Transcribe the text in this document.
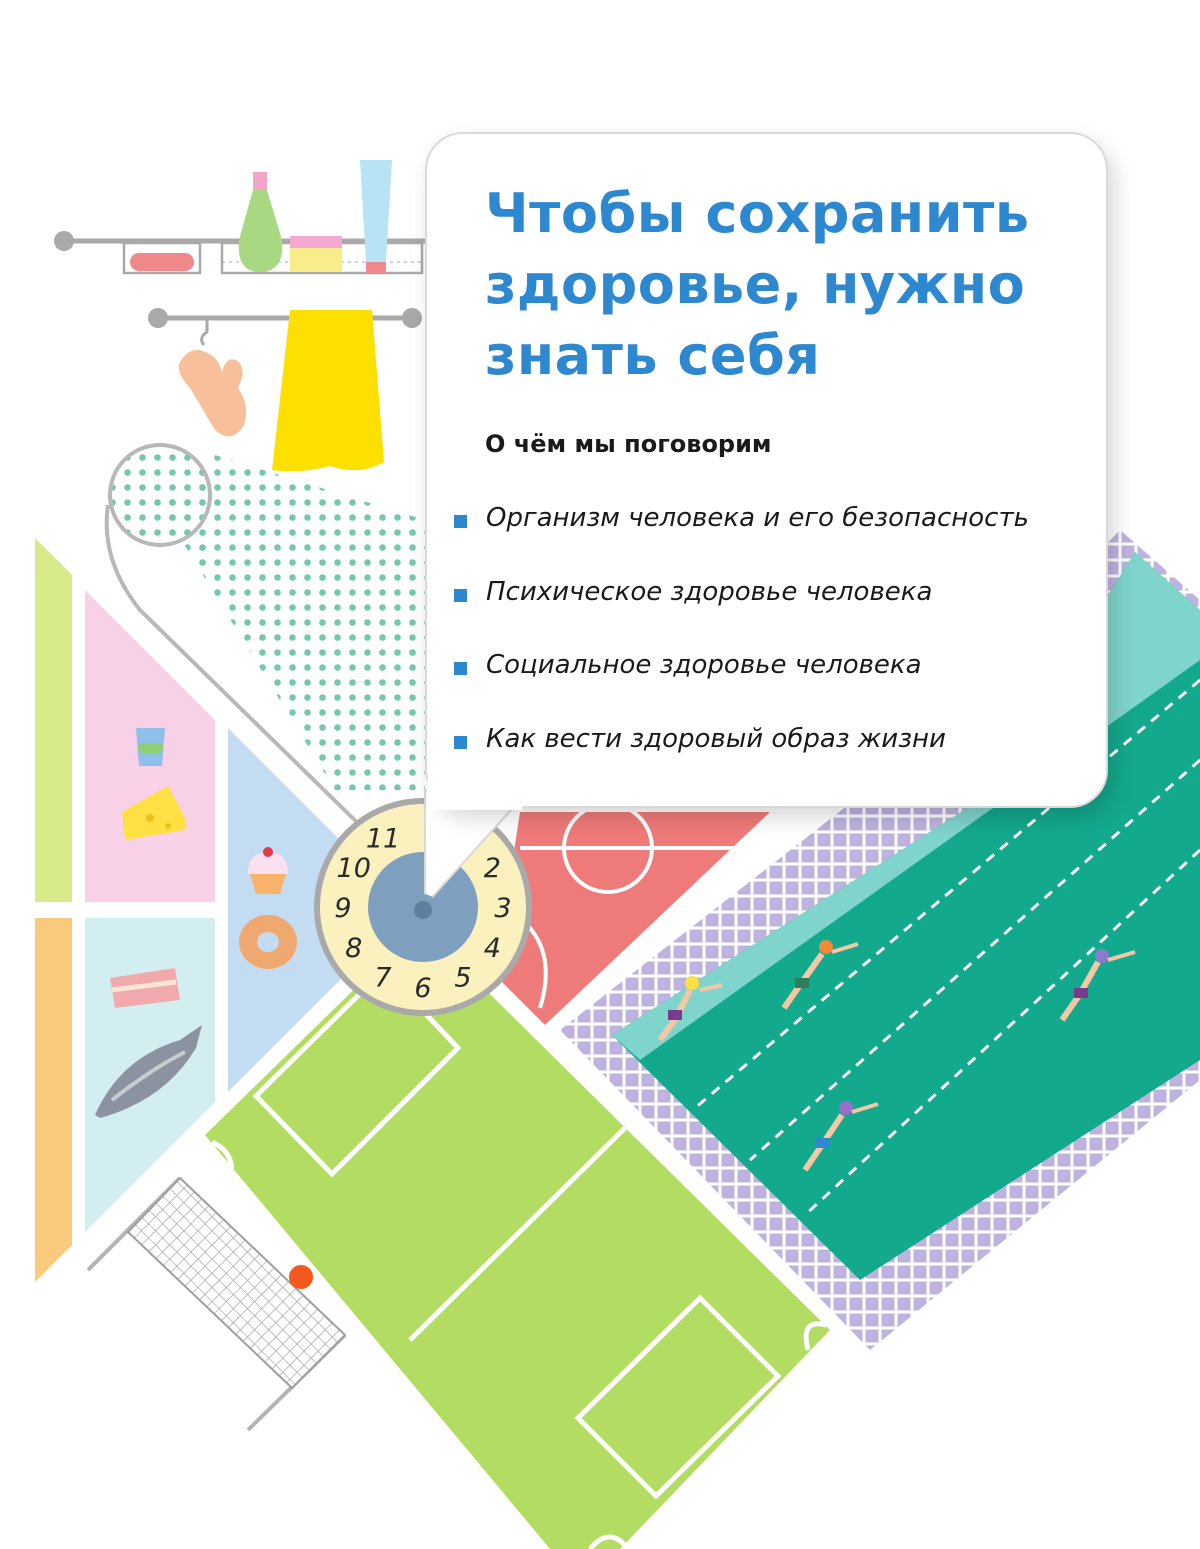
11
2
3
4
5
6
7
8
9
10
Чтобы сохранить
здоровье, нужно
знать себя

О чём мы поговорим

Организм человека и его безопасность
Психическое здоровье человека
Социальное здоровье человека
Как вести здоровый образ жизни
